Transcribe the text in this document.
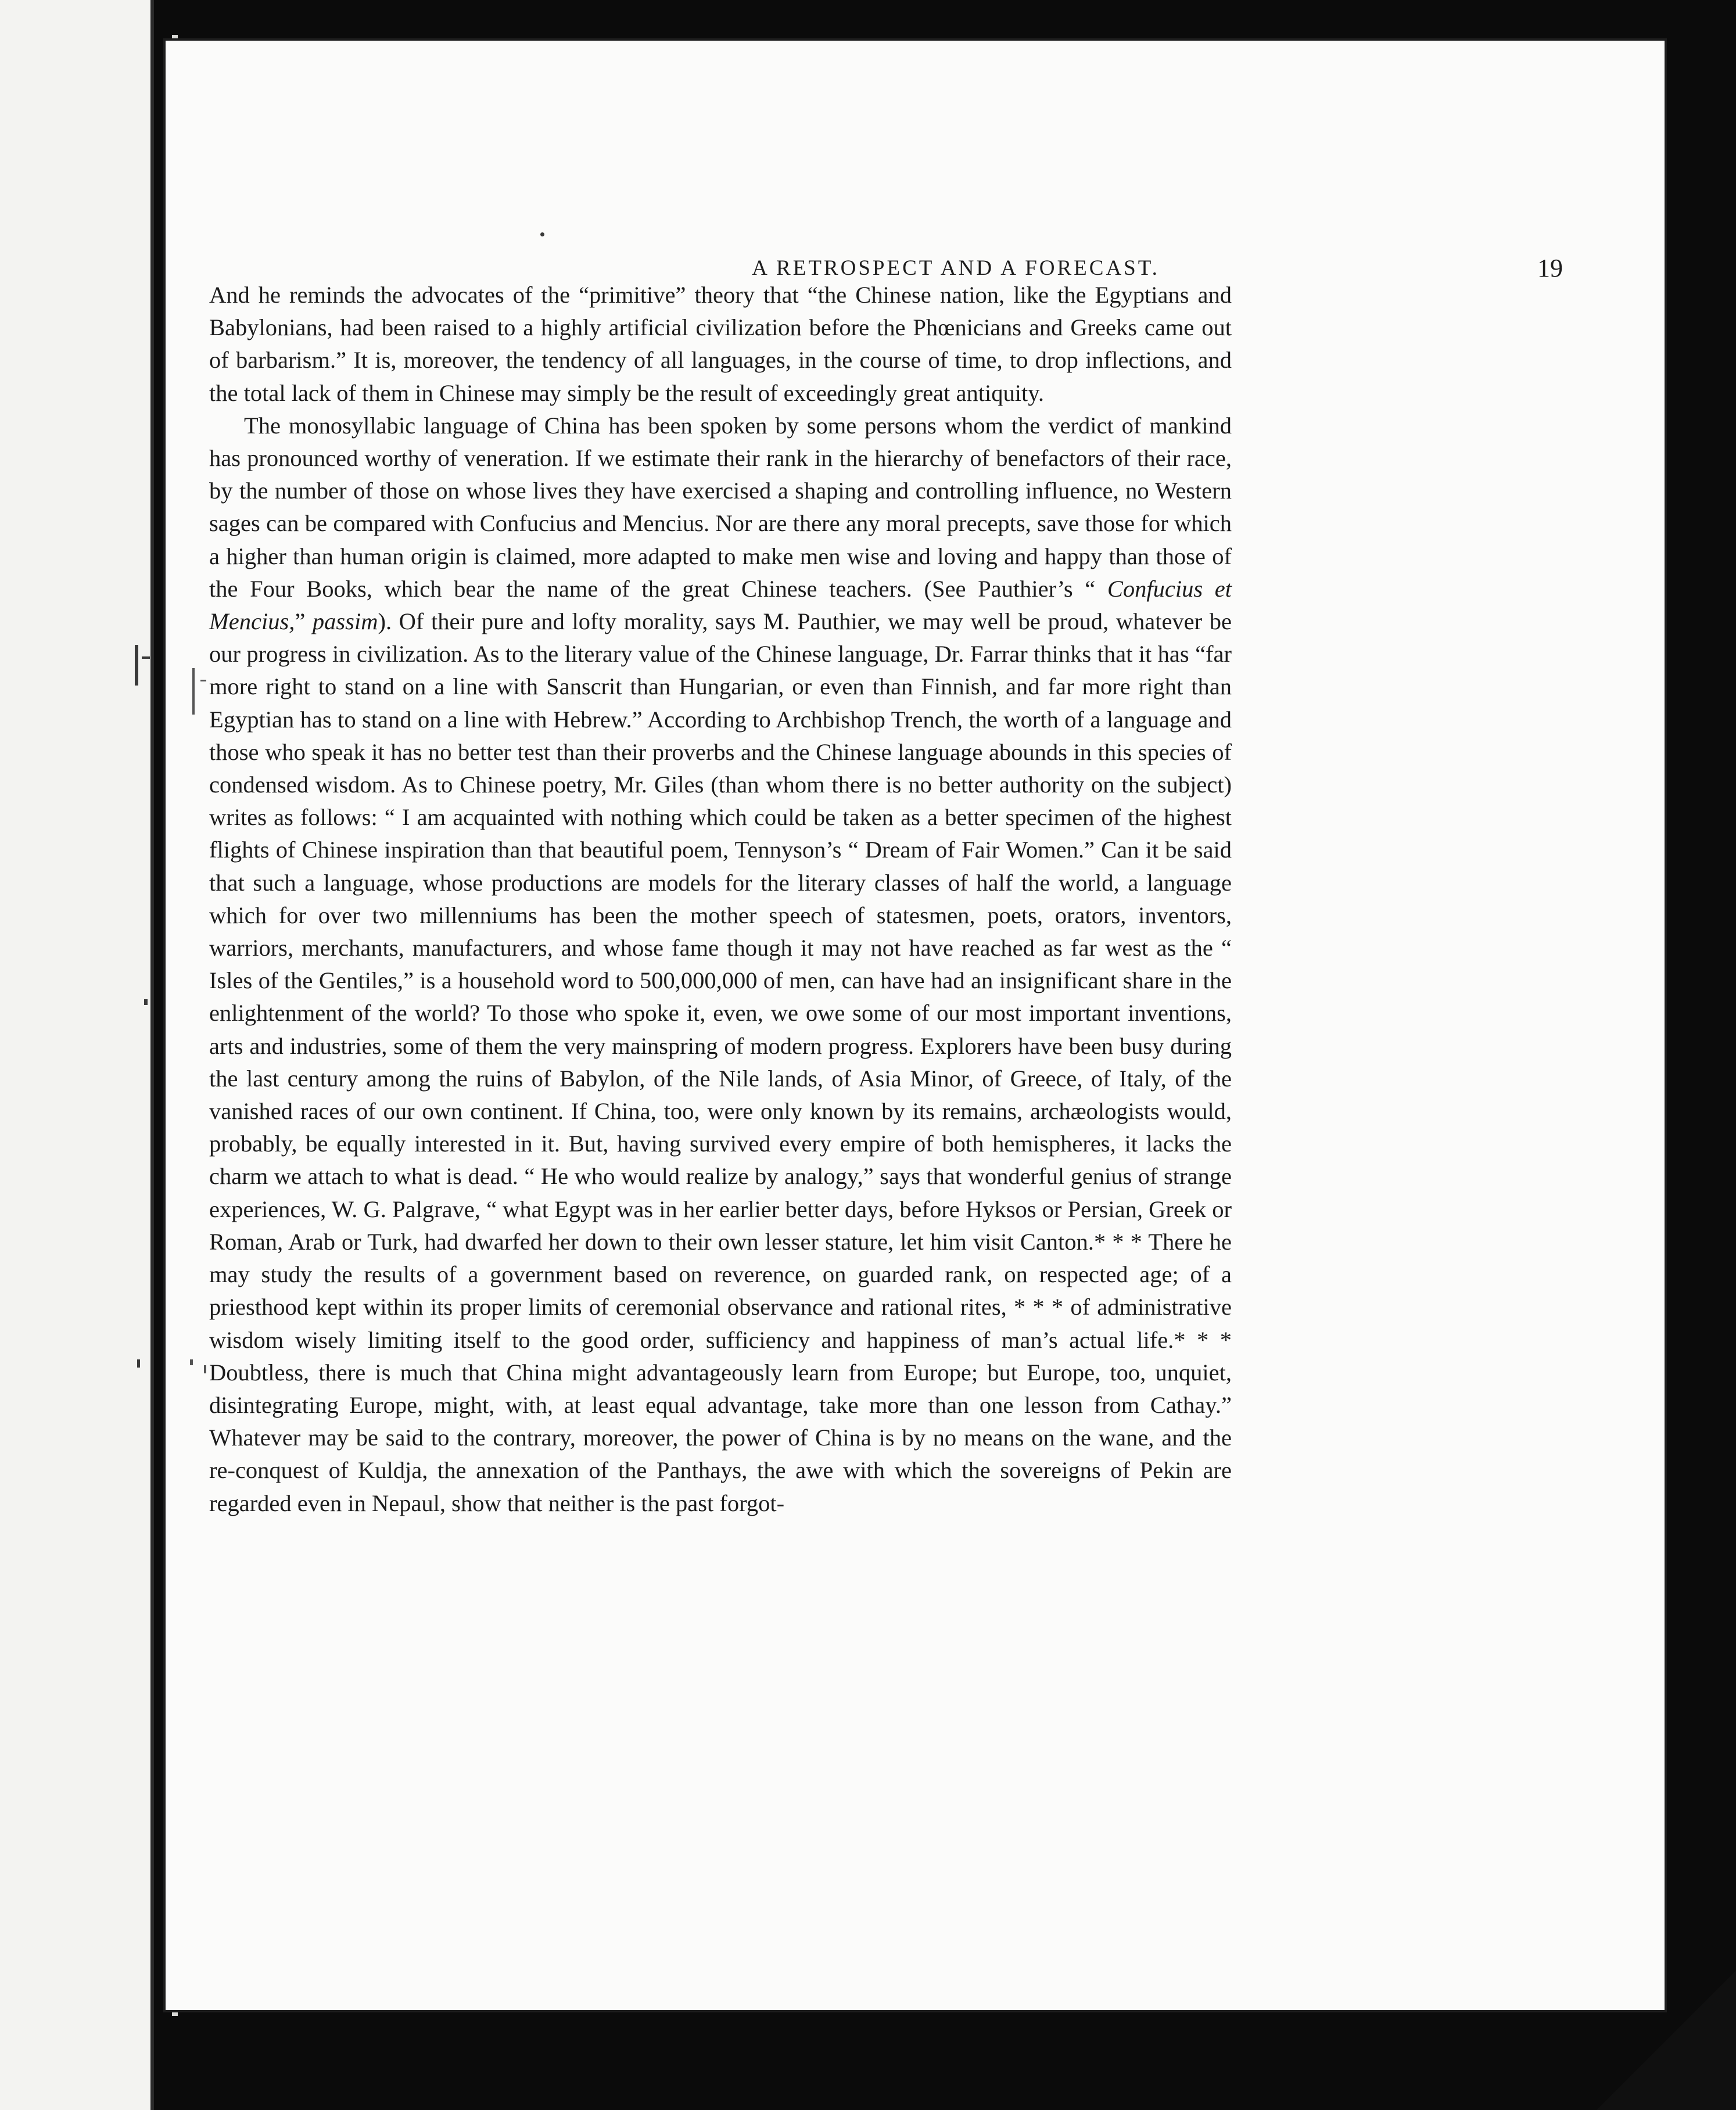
A RETROSPECT AND A FORECAST.	19

And he reminds the advocates of the “primitive” theory that “the Chinese nation, like the Egyptians and Babylonians, had been raised to a highly artificial civilization before the Phœnicians and Greeks came out of barbarism.” It is, moreover, the tendency of all languages, in the course of time, to drop inflections, and the total lack of them in Chinese may simply be the result of exceedingly great antiquity.

The monosyllabic language of China has been spoken by some persons whom the verdict of mankind has pronounced worthy of veneration. If we estimate their rank in the hierarchy of benefactors of their race, by the number of those on whose lives they have exercised a shaping and controlling influence, no Western sages can be compared with Confucius and Mencius. Nor are there any moral precepts, save those for which a higher than human origin is claimed, more adapted to make men wise and loving and happy than those of the Four Books, which bear the name of the great Chinese teachers. (See Pauthier’s “ Confucius et Mencius,” passim). Of their pure and lofty morality, says M. Pauthier, we may well be proud, whatever be our progress in civilization. As to the literary value of the Chinese language, Dr. Farrar thinks that it has “far more right to stand on a line with Sanscrit than Hungarian, or even than Finnish, and far more right than Egyptian has to stand on a line with Hebrew.” According to Archbishop Trench, the worth of a language and those who speak it has no better test than their proverbs and the Chinese language abounds in this species of condensed wisdom. As to Chinese poetry, Mr. Giles (than whom there is no better authority on the subject) writes as follows: “ I am acquainted with nothing which could be taken as a better specimen of the highest flights of Chinese inspiration than that beautiful poem, Tennyson’s “ Dream of Fair Women.” Can it be said that such a language, whose productions are models for the literary classes of half the world, a language which for over two millenniums has been the mother speech of statesmen, poets, orators, inventors, warriors, merchants, manufacturers, and whose fame though it may not have reached as far west as the “ Isles of the Gentiles,” is a household word to 500,000,000 of men, can have had an insignificant share in the enlightenment of the world? To those who spoke it, even, we owe some of our most important inventions, arts and industries, some of them the very mainspring of modern progress. Explorers have been busy during the last century among the ruins of Babylon, of the Nile lands, of Asia Minor, of Greece, of Italy, of the vanished races of our own continent. If China, too, were only known by its remains, archæologists would, probably, be equally interested in it. But, having survived every empire of both hemispheres, it lacks the charm we attach to what is dead. “ He who would realize by analogy,” says that wonderful genius of strange experiences, W. G. Palgrave, “ what Egypt was in her earlier better days, before Hyksos or Persian, Greek or Roman, Arab or Turk, had dwarfed her down to their own lesser stature, let him visit Canton.* * * There he may study the results of a government based on reverence, on guarded rank, on respected age; of a priesthood kept within its proper limits of ceremonial observance and rational rites, * * * of administrative wisdom wisely limiting itself to the good order, sufficiency and happiness of man’s actual life.* * * Doubtless, there is much that China might advantageously learn from Europe; but Europe, too, unquiet, disintegrating Europe, might, with, at least equal advantage, take more than one lesson from Cathay.” Whatever may be said to the contrary, moreover, the power of China is by no means on the wane, and the re-conquest of Kuldja, the annexation of the Panthays, the awe with which the sovereigns of Pekin are regarded even in Nepaul, show that neither is the past forgot-
